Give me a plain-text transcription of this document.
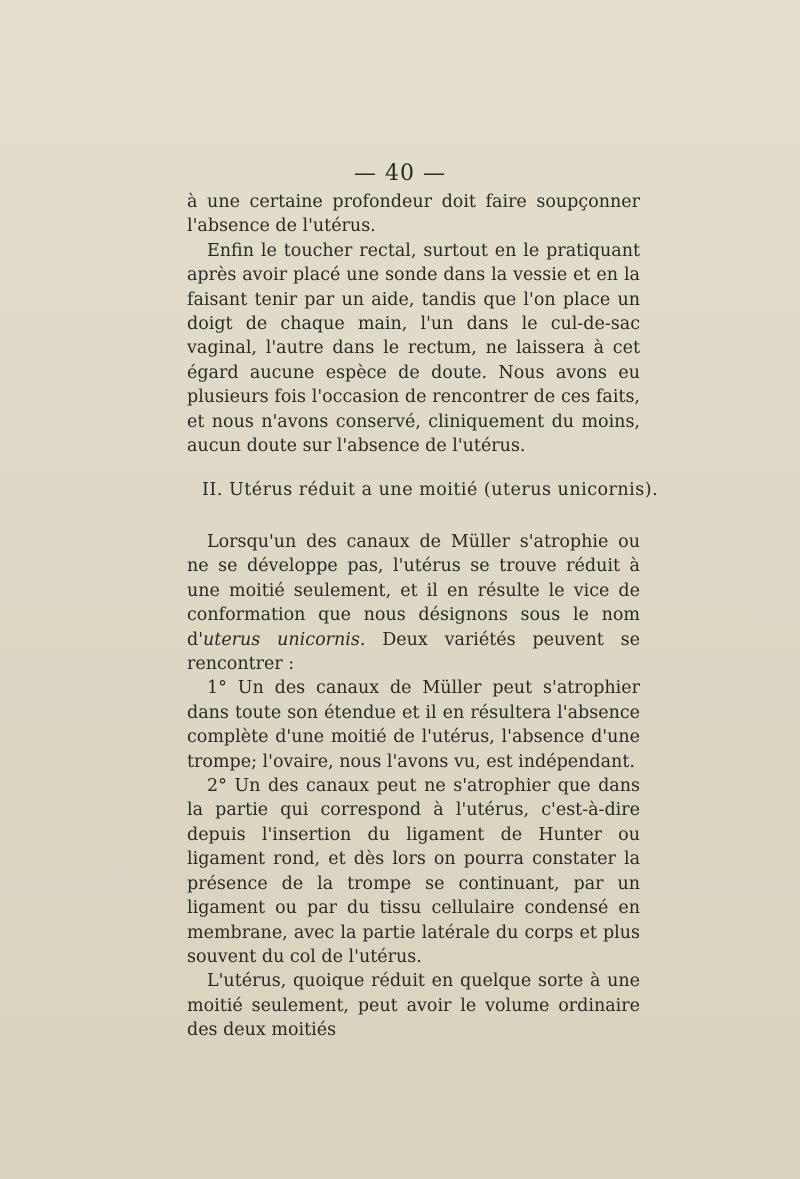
— 40 —

à une certaine profondeur doit faire soupçonner l'absence de l'utérus.

Enfin le toucher rectal, surtout en le pratiquant après avoir placé une sonde dans la vessie et en la faisant tenir par un aide, tandis que l'on place un doigt de chaque main, l'un dans le cul-de-sac vaginal, l'autre dans le rectum, ne laissera à cet égard aucune espèce de doute. Nous avons eu plusieurs fois l'occasion de rencontrer de ces faits, et nous n'avons conservé, cliniquement du moins, aucun doute sur l'absence de l'utérus.

II. Utérus réduit a une moitié (uterus unicornis).

Lorsqu'un des canaux de Müller s'atrophie ou ne se développe pas, l'utérus se trouve réduit à une moitié seulement, et il en résulte le vice de conformation que nous désignons sous le nom d'uterus unicornis. Deux variétés peuvent se rencontrer :

1° Un des canaux de Müller peut s'atrophier dans toute son étendue et il en résultera l'absence complète d'une moitié de l'utérus, l'absence d'une trompe; l'ovaire, nous l'avons vu, est indépendant.

2° Un des canaux peut ne s'atrophier que dans la partie qui correspond à l'utérus, c'est-à-dire depuis l'insertion du ligament de Hunter ou ligament rond, et dès lors on pourra constater la présence de la trompe se continuant, par un ligament ou par du tissu cellulaire condensé en membrane, avec la partie latérale du corps et plus souvent du col de l'utérus.

L'utérus, quoique réduit en quelque sorte à une moitié seulement, peut avoir le volume ordinaire des deux moitiés
